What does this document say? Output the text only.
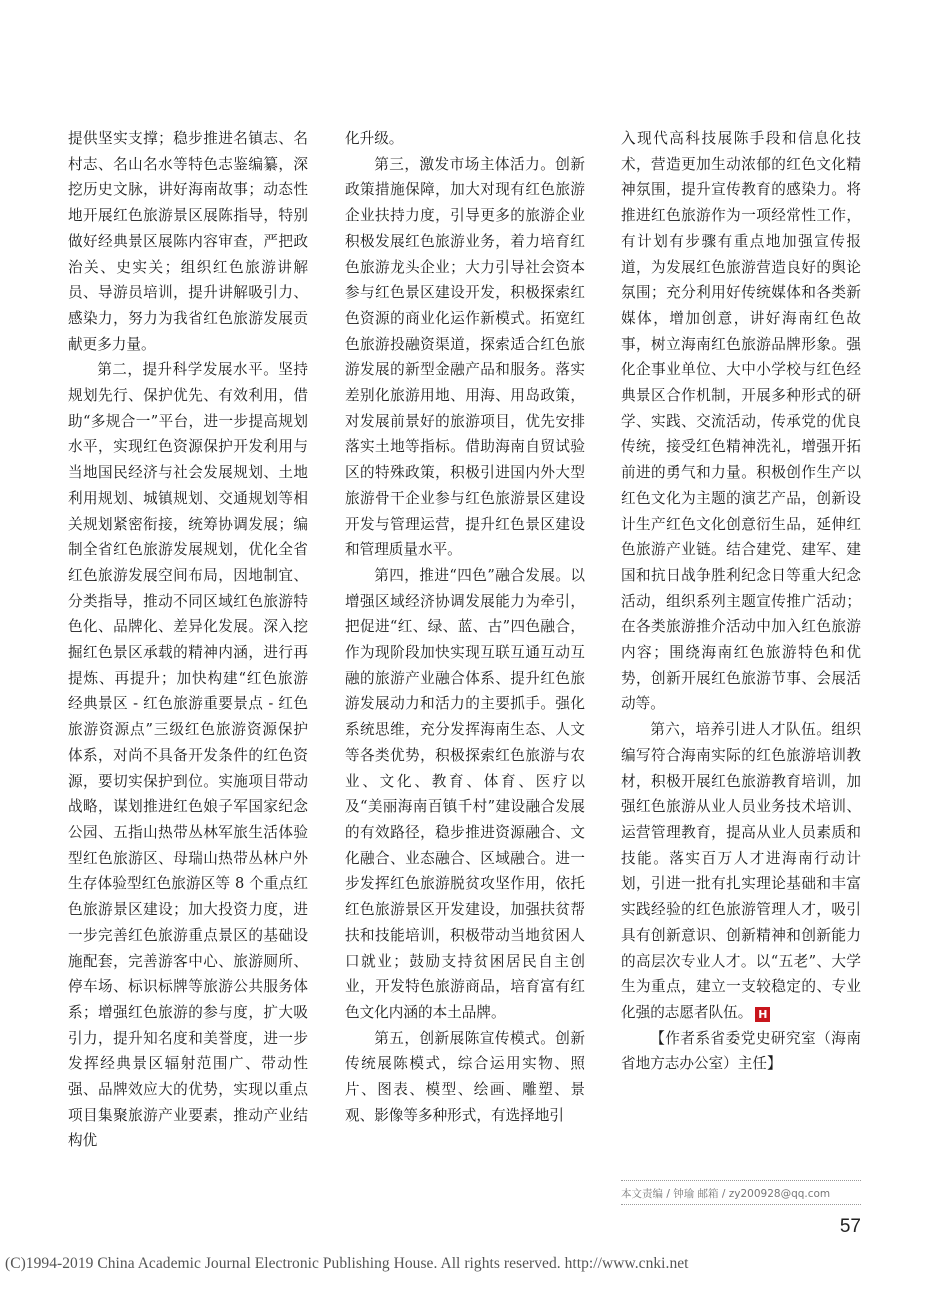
提供坚实支撑；稳步推进名镇志、名村志、名山名水等特色志鉴编纂，深挖历史文脉，讲好海南故事；动态性地开展红色旅游景区展陈指导，特别做好经典景区展陈内容审查，严把政治关、史实关；组织红色旅游讲解员、导游员培训，提升讲解吸引力、感染力，努力为我省红色旅游发展贡献更多力量。

第二，提升科学发展水平。坚持规划先行、保护优先、有效利用，借助“多规合一”平台，进一步提高规划水平，实现红色资源保护开发利用与当地国民经济与社会发展规划、土地利用规划、城镇规划、交通规划等相关规划紧密衔接，统筹协调发展；编制全省红色旅游发展规划，优化全省红色旅游发展空间布局，因地制宜、分类指导，推动不同区域红色旅游特色化、品牌化、差异化发展。深入挖掘红色景区承载的精神内涵，进行再提炼、再提升；加快构建“红色旅游经典景区 - 红色旅游重要景点 - 红色旅游资源点”三级红色旅游资源保护体系，对尚不具备开发条件的红色资源，要切实保护到位。实施项目带动战略，谋划推进红色娘子军国家纪念公园、五指山热带丛林军旅生活体验型红色旅游区、母瑞山热带丛林户外生存体验型红色旅游区等 8 个重点红色旅游景区建设；加大投资力度，进一步完善红色旅游重点景区的基础设施配套，完善游客中心、旅游厕所、停车场、标识标牌等旅游公共服务体系；增强红色旅游的参与度，扩大吸引力，提升知名度和美誉度，进一步发挥经典景区辐射范围广、带动性强、品牌效应大的优势，实现以重点项目集聚旅游产业要素，推动产业结构优

化升级。

第三，激发市场主体活力。创新政策措施保障，加大对现有红色旅游企业扶持力度，引导更多的旅游企业积极发展红色旅游业务，着力培育红色旅游龙头企业；大力引导社会资本参与红色景区建设开发，积极探索红色资源的商业化运作新模式。拓宽红色旅游投融资渠道，探索适合红色旅游发展的新型金融产品和服务。落实差别化旅游用地、用海、用岛政策，对发展前景好的旅游项目，优先安排落实土地等指标。借助海南自贸试验区的特殊政策，积极引进国内外大型旅游骨干企业参与红色旅游景区建设开发与管理运营，提升红色景区建设和管理质量水平。

第四，推进“四色”融合发展。以增强区域经济协调发展能力为牵引，把促进“红、绿、蓝、古”四色融合，作为现阶段加快实现互联互通互动互融的旅游产业融合体系、提升红色旅游发展动力和活力的主要抓手。强化系统思维，充分发挥海南生态、人文等各类优势，积极探索红色旅游与农业、文化、教育、体育、医疗以及“美丽海南百镇千村”建设融合发展的有效路径，稳步推进资源融合、文化融合、业态融合、区域融合。进一步发挥红色旅游脱贫攻坚作用，依托红色旅游景区开发建设，加强扶贫帮扶和技能培训，积极带动当地贫困人口就业；鼓励支持贫困居民自主创业，开发特色旅游商品，培育富有红色文化内涵的本土品牌。

第五，创新展陈宣传模式。创新传统展陈模式，综合运用实物、照片、图表、模型、绘画、雕塑、景观、影像等多种形式，有选择地引

入现代高科技展陈手段和信息化技术，营造更加生动浓郁的红色文化精神氛围，提升宣传教育的感染力。将推进红色旅游作为一项经常性工作，有计划有步骤有重点地加强宣传报道，为发展红色旅游营造良好的舆论氛围；充分利用好传统媒体和各类新媒体，增加创意，讲好海南红色故事，树立海南红色旅游品牌形象。强化企事业单位、大中小学校与红色经典景区合作机制，开展多种形式的研学、实践、交流活动，传承党的优良传统，接受红色精神洗礼，增强开拓前进的勇气和力量。积极创作生产以红色文化为主题的演艺产品，创新设计生产红色文化创意衍生品，延伸红色旅游产业链。结合建党、建军、建国和抗日战争胜利纪念日等重大纪念活动，组织系列主题宣传推广活动；在各类旅游推介活动中加入红色旅游内容；围绕海南红色旅游特色和优势，创新开展红色旅游节事、会展活动等。

第六，培养引进人才队伍。组织编写符合海南实际的红色旅游培训教材，积极开展红色旅游教育培训，加强红色旅游从业人员业务技术培训、运营管理教育，提高从业人员素质和技能。落实百万人才进海南行动计划，引进一批有扎实理论基础和丰富实践经验的红色旅游管理人才，吸引具有创新意识、创新精神和创新能力的高层次专业人才。以“五老”、大学生为重点，建立一支较稳定的、专业化强的志愿者队伍。 H

【作者系省委党史研究室（海南省地方志办公室）主任】

本文责编 / 钟瑜 邮箱 / zy200928@qq.com
57
(C)1994-2019 China Academic Journal Electronic Publishing House. All rights reserved. http://www.cnki.net
